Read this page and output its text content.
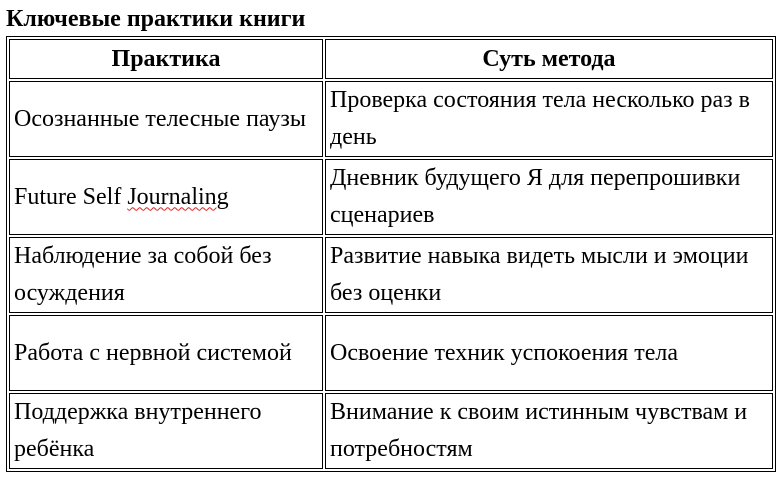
Ключевые практики книги
Практика	Суть метода
Осознанные телесные паузы	Проверка состояния тела несколько раз в день
Future Self Journaling	Дневник будущего Я для перепрошивки сценариев
Наблюдение за собой без осуждения	Развитие навыка видеть мысли и эмоции без оценки
Работа с нервной системой	Освоение техник успокоения тела
Поддержка внутреннего ребёнка	Внимание к своим истинным чувствам и потребностям
